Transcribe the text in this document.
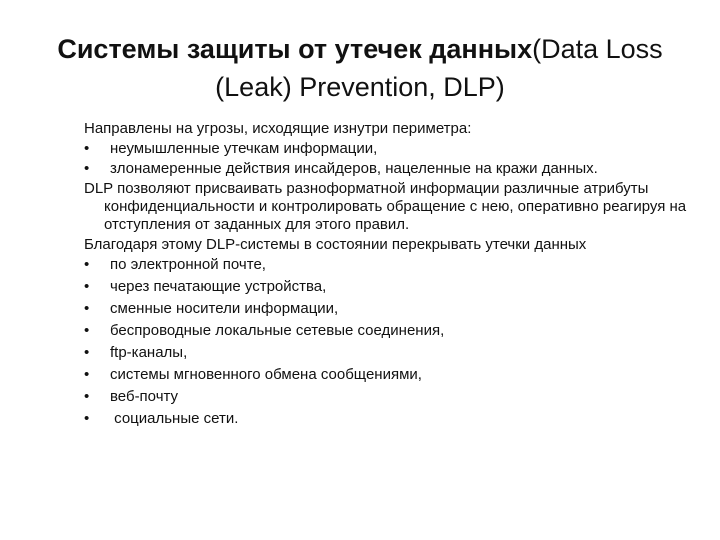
Системы защиты от утечек данных(Data Loss (Leak) Prevention, DLP)

Направлены на угрозы, исходящие изнутри периметра:

•	неумышленные утечкам информации,
•	злонамеренные действия инсайдеров, нацеленные на кражи данных.

DLP позволяют присваивать разноформатной информации различные атрибуты конфиденциальности и контролировать обращение с нею, оперативно реагируя на отступления от заданных для этого правил.

Благодаря этому DLP-системы в состоянии перекрывать утечки данных

•	по электронной почте,
•	через печатающие устройства,
•	сменные носители информации,
•	беспроводные локальные сетевые соединения,
•	ftp-каналы,
•	системы мгновенного обмена сообщениями,
•	веб-почту
•	социальные сети.
